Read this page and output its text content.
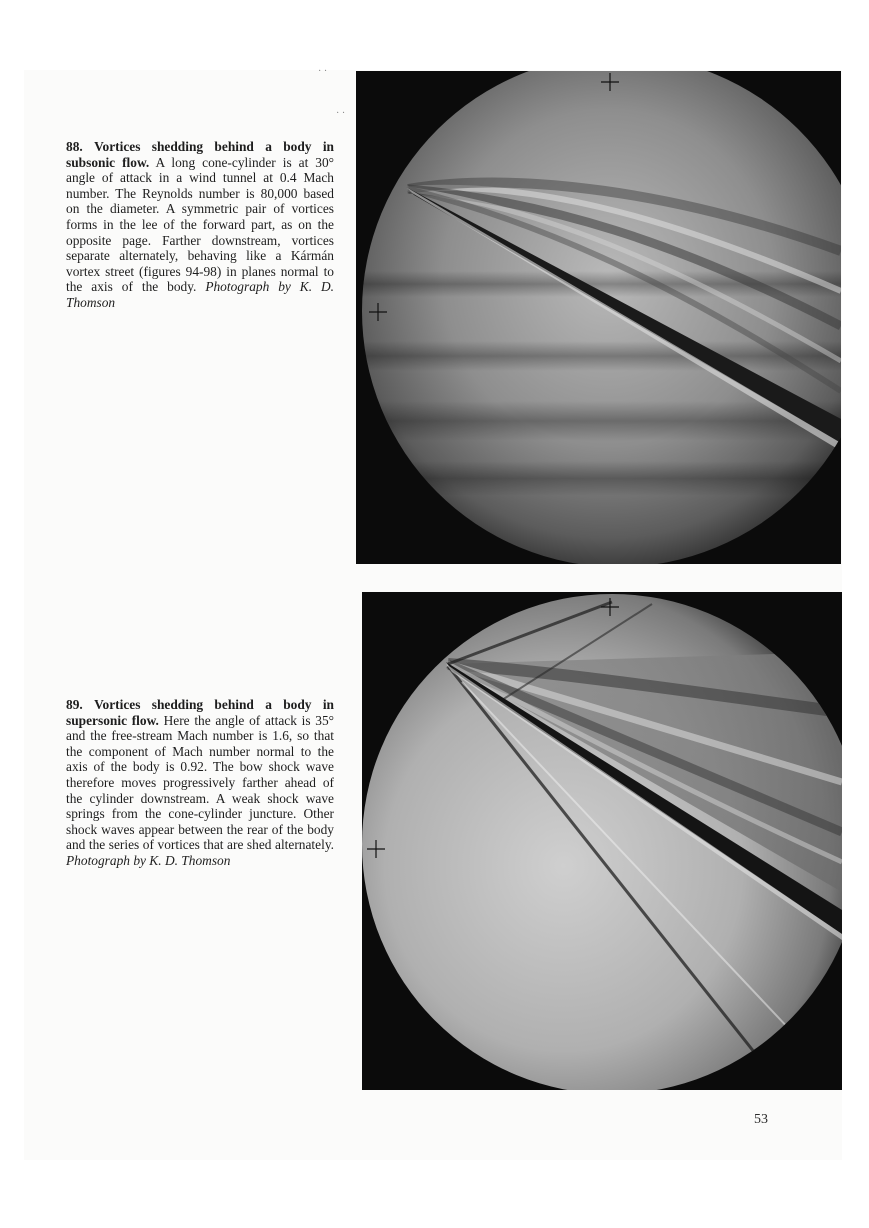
· ·
· ·
88. Vortices shedding behind a body in subsonic flow. A long cone-cylinder is at 30° angle of attack in a wind tunnel at 0.4 Mach number. The Reynolds number is 80,000 based on the diameter. A symmetric pair of vortices forms in the lee of the forward part, as on the opposite page. Farther downstream, vortices separate alternately, behaving like a Kármán vortex street (figures 94-98) in planes normal to the axis of the body. Photograph by K. D. Thomson
89. Vortices shedding behind a body in supersonic flow. Here the angle of attack is 35° and the free-stream Mach number is 1.6, so that the component of Mach number normal to the axis of the body is 0.92. The bow shock wave therefore moves progressively farther ahead of the cylinder downstream. A weak shock wave springs from the cone-cylinder juncture. Other shock waves appear between the rear of the body and the series of vortices that are shed alternately. Photograph by K. D. Thomson
53
